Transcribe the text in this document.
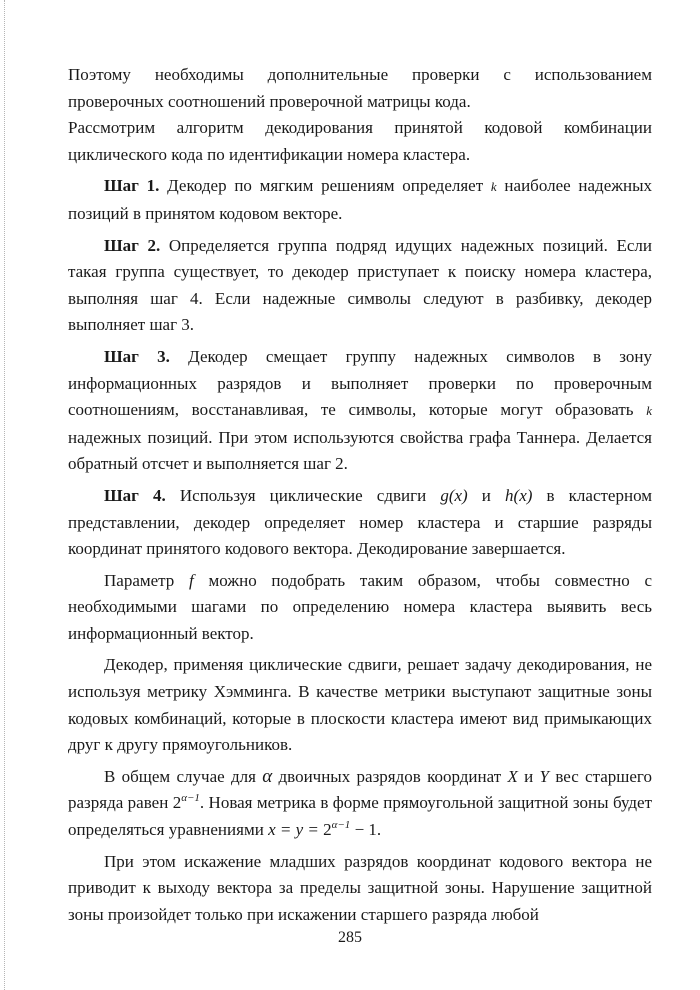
Поэтому необходимы дополнительные проверки с использованием проверочных соотношений проверочной матрицы кода.

Рассмотрим алгоритм декодирования принятой кодовой комбинации циклического кода по идентификации номера кластера.

Шаг 1. Декодер по мягким решениям определяет k наиболее надежных позиций в принятом кодовом векторе.

Шаг 2. Определяется группа подряд идущих надежных позиций. Если такая группа существует, то декодер приступает к поиску номера кластера, выполняя шаг 4. Если надежные символы следуют в разбивку, декодер выполняет шаг 3.

Шаг 3. Декодер смещает группу надежных символов в зону информационных разрядов и выполняет проверки по проверочным соотношениям, восстанавливая, те символы, которые могут образовать k надежных позиций. При этом используются свойства графа Таннера. Делается обратный отсчет и выполняется шаг 2.

Шаг 4. Используя циклические сдвиги g(x) и h(x) в кластерном представлении, декодер определяет номер кластера и старшие разряды координат принятого кодового вектора. Декодирование завершается.

Параметр f можно подобрать таким образом, чтобы совместно с необходимыми шагами по определению номера кластера выявить весь информационный вектор.

Декодер, применяя циклические сдвиги, решает задачу декодирования, не используя метрику Хэмминга. В качестве метрики выступают защитные зоны кодовых комбинаций, которые в плоскости кластера имеют вид примыкающих друг к другу прямоугольников.

В общем случае для α двоичных разрядов координат X и Y вес старшего разряда равен $2^{\alpha-1}$. Новая метрика в форме прямоугольной защитной зоны будет определяться уравнениями $x = y = 2^{\alpha-1} - 1$.

При этом искажение младших разрядов координат кодового вектора не приводит к выходу вектора за пределы защитной зоны. Нарушение защитной зоны произойдет только при искажении старшего разряда любой

285
